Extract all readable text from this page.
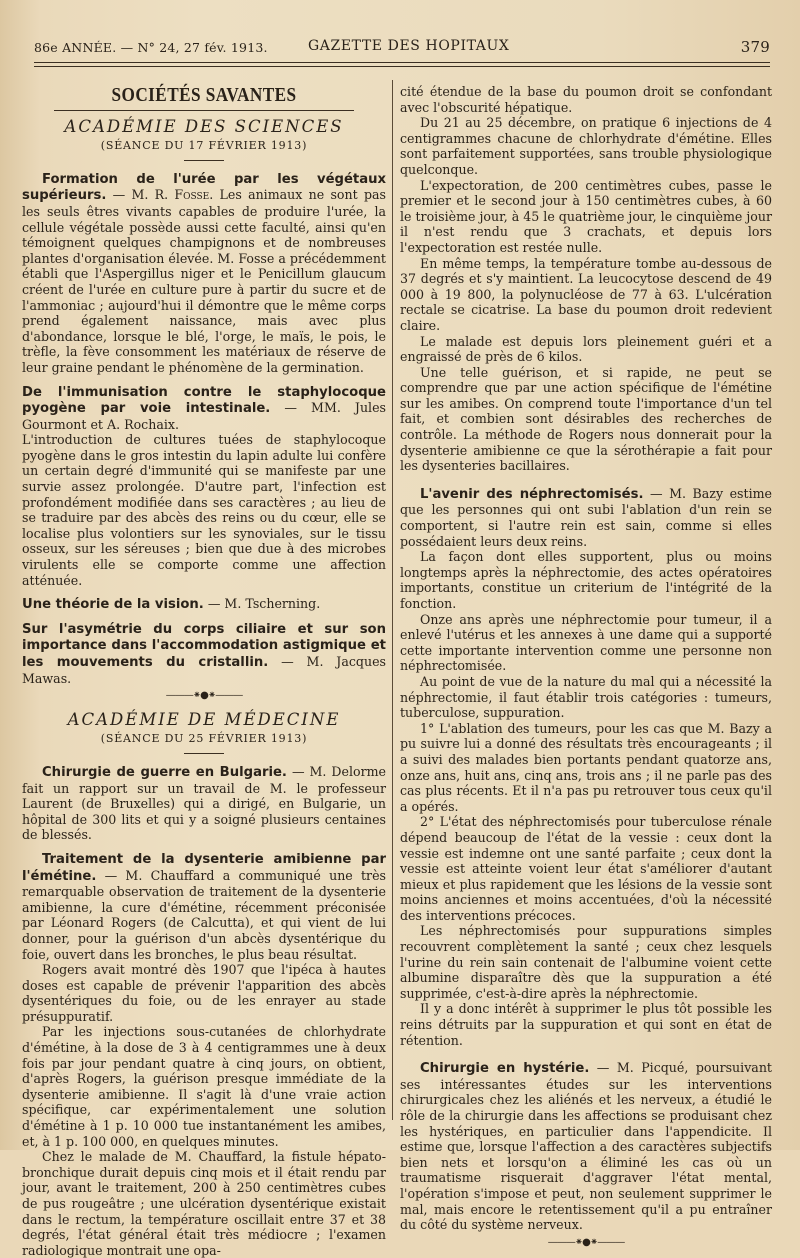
86e ANNÉE. — N° 24, 27 fév. 1913.	GAZETTE DES HOPITAUX	379
SOCIÉTÉS SAVANTES
ACADÉMIE DES SCIENCES
(SÉANCE DU 17 FÉVRIER 1913)

Formation de l'urée par les végétaux supérieurs. — M. R. Fosse. Les animaux ne sont pas les seuls êtres vivants capables de produire l'urée, la cellule végétale possède aussi cette faculté, ainsi qu'en témoignent quelques champignons et de nombreuses plantes d'organisation élevée. M. Fosse a précédemment établi que l'Aspergillus niger et le Penicillum glaucum créent de l'urée en culture pure à partir du sucre et de l'ammoniac ; aujourd'hui il démontre que le même corps prend également naissance, mais avec plus d'abondance, lorsque le blé, l'orge, le maïs, le pois, le trèfle, la fève consomment les matériaux de réserve de leur graine pendant le phénomène de la germination.

De l'immunisation contre le staphylocoque pyogène par voie intestinale. — MM. Jules Gourmont et A. Rochaix.

L'introduction de cultures tuées de staphylocoque pyogène dans le gros intestin du lapin adulte lui confère un certain degré d'immunité qui se manifeste par une survie assez prolongée. D'autre part, l'infection est profondément modifiée dans ses caractères ; au lieu de se traduire par des abcès des reins ou du cœur, elle se localise plus volontiers sur les synoviales, sur le tissu osseux, sur les séreuses ; bien que due à des microbes virulents elle se comporte comme une affection atténuée.

Une théorie de la vision. — M. Tscherning.

Sur l'asymétrie du corps ciliaire et sur son importance dans l'accommodation astigmique et les mouvements du cristallin. — M. Jacques Mawas.

———⁕●⁕———
ACADÉMIE DE MÉDECINE
(SÉANCE DU 25 FÉVRIER 1913)

Chirurgie de guerre en Bulgarie. — M. Delorme fait un rapport sur un travail de M. le professeur Laurent (de Bruxelles) qui a dirigé, en Bulgarie, un hôpital de 300 lits et qui y a soigné plusieurs centaines de blessés.

Traitement de la dysenterie amibienne par l'émétine. — M. Chauffard a communiqué une très remarquable observation de traitement de la dysenterie amibienne, la cure d'émétine, récemment préconisée par Léonard Rogers (de Calcutta), et qui vient de lui donner, pour la guérison d'un abcès dysentérique du foie, ouvert dans les bronches, le plus beau résultat.

Rogers avait montré dès 1907 que l'ipéca à hautes doses est capable de prévenir l'apparition des abcès dysentériques du foie, ou de les enrayer au stade présuppuratif.

Par les injections sous-cutanées de chlorhydrate d'émétine, à la dose de 3 à 4 centigrammes une à deux fois par jour pendant quatre à cinq jours, on obtient, d'après Rogers, la guérison presque immédiate de la dysenterie amibienne. Il s'agit là d'une vraie action spécifique, car expérimentalement une solution d'émétine à 1 p. 10 000 tue instantanément les amibes, et, à 1 p. 100 000, en quelques minutes.

Chez le malade de M. Chauffard, la fistule hépato-bronchique durait depuis cinq mois et il était rendu par jour, avant le traitement, 200 à 250 centimètres cubes de pus rougeâtre ; une ulcération dysentérique existait dans le rectum, la température oscillait entre 37 et 38 degrés, l'état général était très médiocre ; l'examen radiologique montrait une opa-

cité étendue de la base du poumon droit se confondant avec l'obscurité hépatique.

Du 21 au 25 décembre, on pratique 6 injections de 4 centigrammes chacune de chlorhydrate d'émétine. Elles sont parfaitement supportées, sans trouble physiologique quelconque.

L'expectoration, de 200 centimètres cubes, passe le premier et le second jour à 150 centimètres cubes, à 60 le troisième jour, à 45 le quatrième jour, le cinquième jour il n'est rendu que 3 crachats, et depuis lors l'expectoration est restée nulle.

En même temps, la température tombe au-dessous de 37 degrés et s'y maintient. La leucocytose descend de 49 000 à 19 800, la polynucléose de 77 à 63. L'ulcération rectale se cicatrise. La base du poumon droit redevient claire.

Le malade est depuis lors pleinement guéri et a engraissé de près de 6 kilos.

Une telle guérison, et si rapide, ne peut se comprendre que par une action spécifique de l'émétine sur les amibes. On comprend toute l'importance d'un tel fait, et combien sont désirables des recherches de contrôle. La méthode de Rogers nous donnerait pour la dysenterie amibienne ce que la sérothérapie a fait pour les dysenteries bacillaires.

L'avenir des néphrectomisés. — M. Bazy estime que les personnes qui ont subi l'ablation d'un rein se comportent, si l'autre rein est sain, comme si elles possédaient leurs deux reins.

La façon dont elles supportent, plus ou moins longtemps après la néphrectomie, des actes opératoires importants, constitue un criterium de l'intégrité de la fonction.

Onze ans après une néphrectomie pour tumeur, il a enlevé l'utérus et les annexes à une dame qui a supporté cette importante intervention comme une personne non néphrectomisée.

Au point de vue de la nature du mal qui a nécessité la néphrectomie, il faut établir trois catégories : tumeurs, tuberculose, suppuration.

1° L'ablation des tumeurs, pour les cas que M. Bazy a pu suivre lui a donné des résultats très encourageants ; il a suivi des malades bien portants pendant quatorze ans, onze ans, huit ans, cinq ans, trois ans ; il ne parle pas des cas plus récents. Et il n'a pas pu retrouver tous ceux qu'il a opérés.

2° L'état des néphrectomisés pour tuberculose rénale dépend beaucoup de l'état de la vessie : ceux dont la vessie est indemne ont une santé parfaite ; ceux dont la vessie est atteinte voient leur état s'améliorer d'autant mieux et plus rapidement que les lésions de la vessie sont moins anciennes et moins accentuées, d'où la nécessité des interventions précoces.

Les néphrectomisés pour suppurations simples recouvrent complètement la santé ; ceux chez lesquels l'urine du rein sain contenait de l'albumine voient cette albumine disparaître dès que la suppuration a été supprimée, c'est-à-dire après la néphrectomie.

Il y a donc intérêt à supprimer le plus tôt possible les reins détruits par la suppuration et qui sont en état de rétention.

Chirurgie en hystérie. — M. Picqué, poursuivant ses intéressantes études sur les interventions chirurgicales chez les aliénés et les nerveux, a étudié le rôle de la chirurgie dans les affections se produisant chez les hystériques, en particulier dans l'appendicite. Il estime que, lorsque l'affection a des caractères subjectifs bien nets et lorsqu'on a éliminé les cas où un traumatisme risquerait d'aggraver l'état mental, l'opération s'impose et peut, non seulement supprimer le mal, mais encore le retentissement qu'il a pu entraîner du côté du système nerveux.

———⁕●⁕———
